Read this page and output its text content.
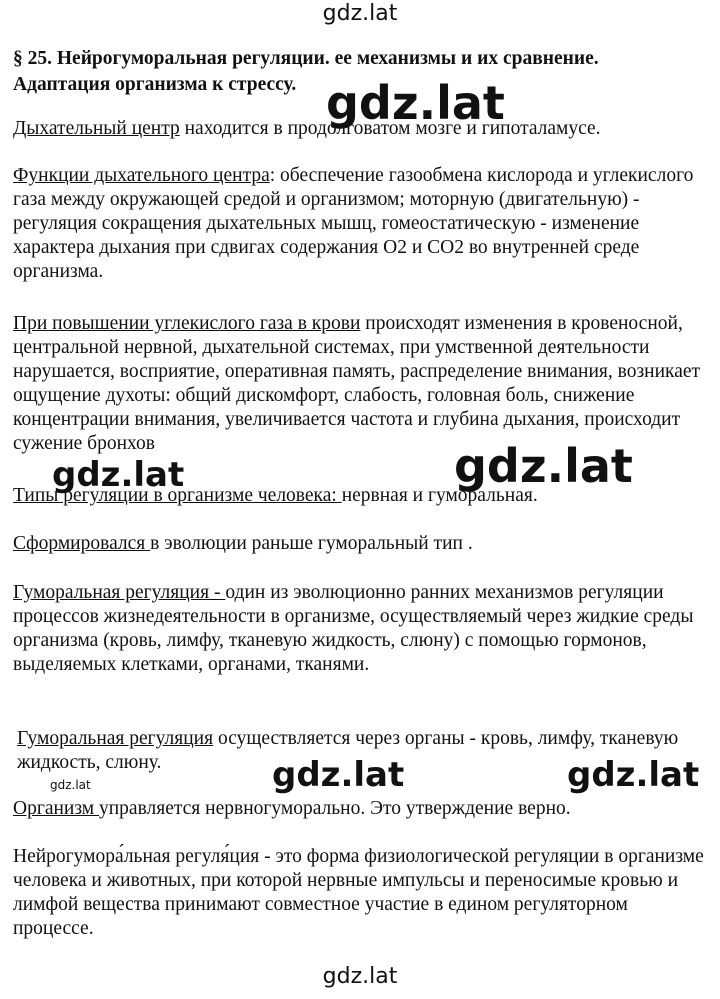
gdz.lat
§ 25. Нейрогуморальная регуляции. ее механизмы и их сравнение.
Адаптация организма к стрессу. gdz.lat

Дыхательный центр находится в продолговатом мозге и гипоталамусе.

Функции дыхательного центра: обеспечение газообмена кислорода и углекислого газа между окружающей средой и организмом; моторную (двигательную) - регуляция сокращения дыхательных мышц, гомеостатическую - изменение характера дыхания при сдвигах содержания О2 и СО2 во внутренней среде организма.

При повышении углекислого газа в крови происходят изменения в кровеносной, центральной нервной, дыхательной системах, при умственной деятельности нарушается, восприятие, оперативная память, распределение внимания, возникает ощущение духоты: общий дискомфорт, слабость, головная боль, снижение концентрации внимания, увеличивается частота и глубина дыхания, происходит сужение бронхов

gdz.lat	gdz.lat

Типы регуляции в организме человека: нервная и гуморальная.

Сформировался в эволюции раньше гуморальный тип .

Гуморальная регуляция - один из эволюционно ранних механизмов регуляции процессов жизнедеятельности в организме, осуществляемый через жидкие среды организма (кровь, лимфу, тканевую жидкость, слюну) с помощью гормонов, выделяемых клетками, органами, тканями.

Гуморальная регуляция осуществляется через органы - кровь, лимфу, тканевую жидкость, слюну.

gdz.lat	gdz.lat	gdz.lat

Организм управляется нервногуморально. Это утверждение верно.

Нейрогумора́льная регуля́ция - это форма физиологической регуляции в организме человека и животных, при которой нервные импульсы и переносимые кровью и лимфой вещества принимают совместное участие в едином регуляторном процессе.

gdz.lat
